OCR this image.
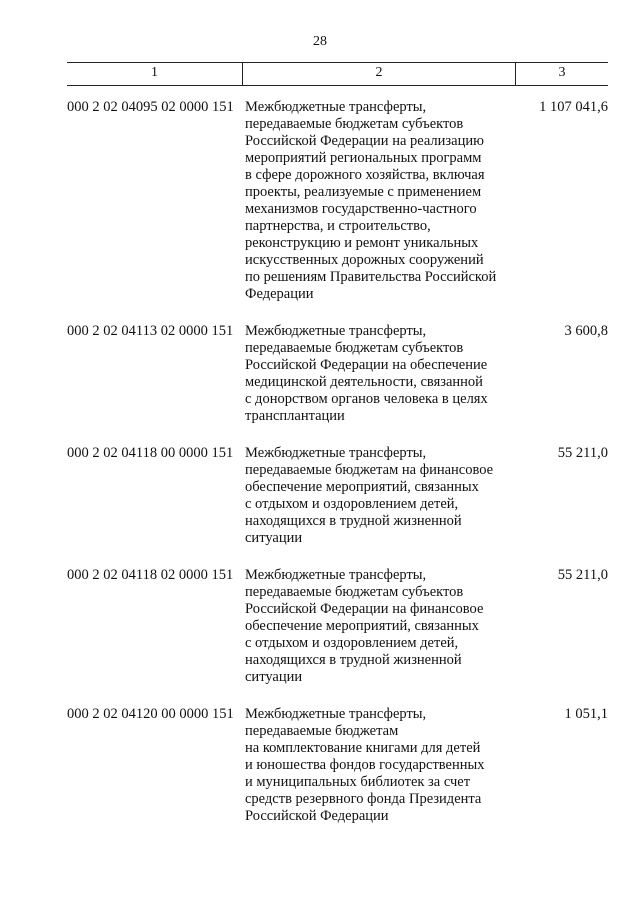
28
1	2	3
000 2 02 04095 02 0000 151 Межбюджетные трансферты,
передаваемые бюджетам субъектов
Российской Федерации на реализацию
мероприятий региональных программ
в сфере дорожного хозяйства, включая
проекты, реализуемые с применением
механизмов государственно-частного
партнерства, и строительство,
реконструкцию и ремонт уникальных
искусственных дорожных сооружений
по решениям Правительства Российской
Федерации
1 107 041,6
000 2 02 04113 02 0000 151 Межбюджетные трансферты,
передаваемые бюджетам субъектов
Российской Федерации на обеспечение
медицинской деятельности, связанной
с донорством органов человека в целях
трансплантации
3 600,8
000 2 02 04118 00 0000 151 Межбюджетные трансферты,
передаваемые бюджетам на финансовое
обеспечение мероприятий, связанных
с отдыхом и оздоровлением детей,
находящихся в трудной жизненной
ситуации
55 211,0
000 2 02 04118 02 0000 151 Межбюджетные трансферты,
передаваемые бюджетам субъектов
Российской Федерации на финансовое
обеспечение мероприятий, связанных
с отдыхом и оздоровлением детей,
находящихся в трудной жизненной
ситуации
55 211,0
000 2 02 04120 00 0000 151 Межбюджетные трансферты,
передаваемые бюджетам
на комплектование книгами для детей
и юношества фондов государственных
и муниципальных библиотек за счет
средств резервного фонда Президента
Российской Федерации
1 051,1
